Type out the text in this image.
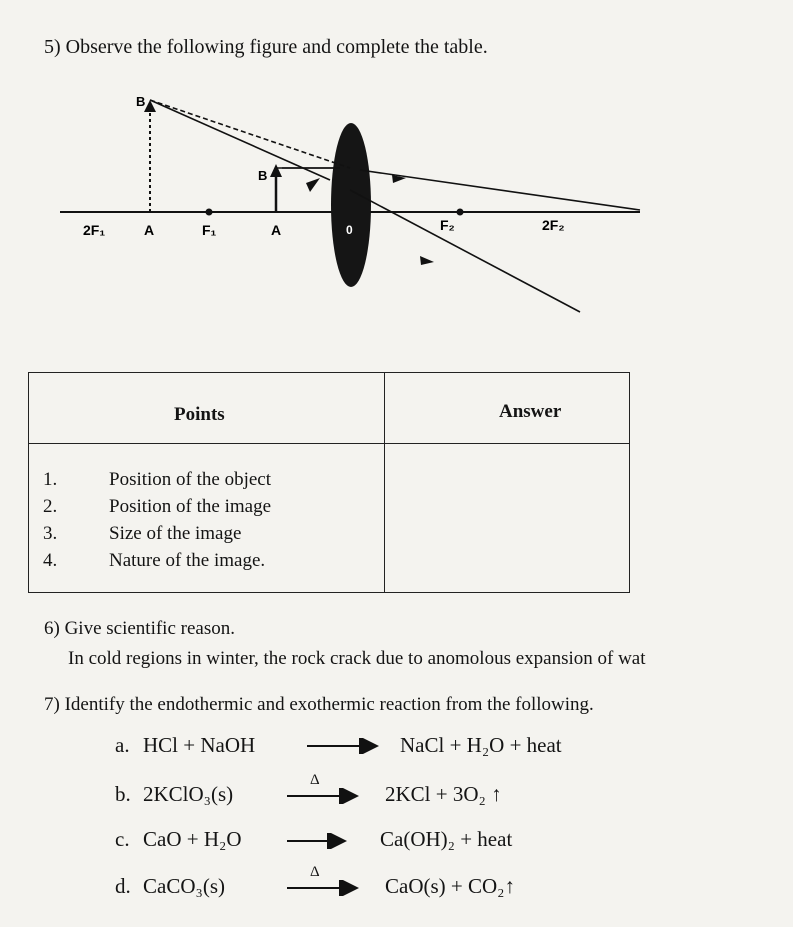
5) Observe the following figure and complete the table.
B
B
2F₁	A	F₁	A	0	F₂	2F₂
Points	Answer
1.	Position of the object
2.	Position of the image
3.	Size of the image
4.	Nature of the image.
6) Give scientific reason.
In cold regions in winter, the rock crack due to anomolous expansion of wat
7) Identify the endothermic and exothermic reaction from the following.
a. HCl + NaOH	NaCl + H₂O + heat
b. 2KClO₃(s)	2KCl + 3O₂ ↑
Δ
c. CaO + H₂O	Ca(OH)₂ + heat
d. CaCO₃(s)	CaO(s) + CO₂↑
Δ
